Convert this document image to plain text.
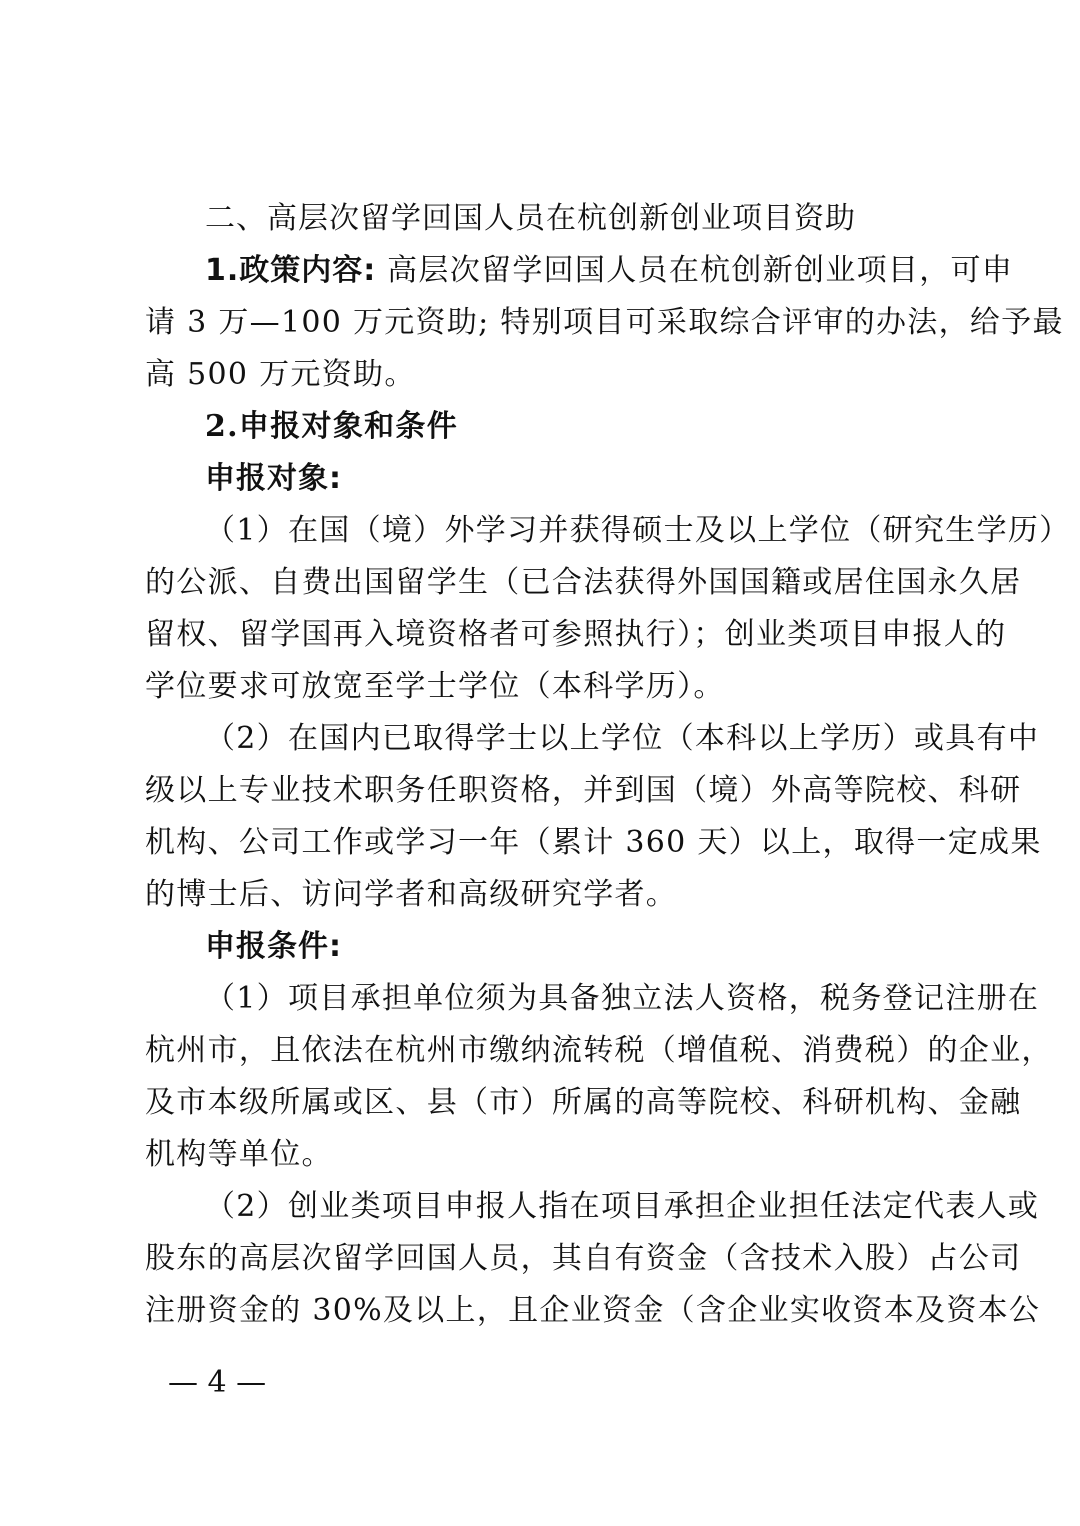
二、高层次留学回国人员在杭创新创业项目资助
1.政策内容: 高层次留学回国人员在杭创新创业项目，可申
请 3 万—100 万元资助; 特别项目可采取综合评审的办法，给予最
高 500 万元资助。
2.申报对象和条件
申报对象:
（1）在国（境）外学习并获得硕士及以上学位（研究生学历）
的公派、自费出国留学生（已合法获得外国国籍或居住国永久居
留权、留学国再入境资格者可参照执行）；创业类项目申报人的
学位要求可放宽至学士学位（本科学历）。
（2）在国内已取得学士以上学位（本科以上学历）或具有中
级以上专业技术职务任职资格，并到国（境）外高等院校、科研
机构、公司工作或学习一年（累计 360 天）以上，取得一定成果
的博士后、访问学者和高级研究学者。
申报条件:
（1）项目承担单位须为具备独立法人资格，税务登记注册在
杭州市，且依法在杭州市缴纳流转税（增值税、消费税）的企业，
及市本级所属或区、县（市）所属的高等院校、科研机构、金融
机构等单位。
（2）创业类项目申报人指在项目承担企业担任法定代表人或
股东的高层次留学回国人员，其自有资金（含技术入股）占公司
注册资金的 30%及以上，且企业资金（含企业实收资本及资本公
— 4 —
